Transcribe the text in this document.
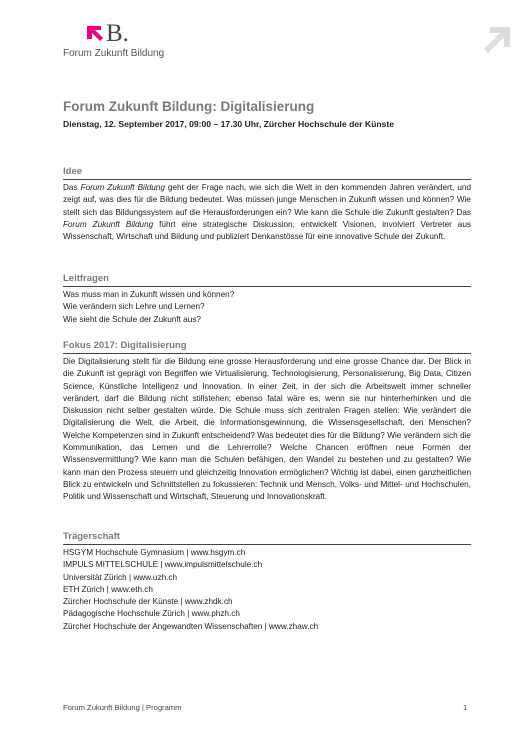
B.
Forum Zukunft Bildung
Forum Zukunft Bildung: Digitalisierung
Dienstag, 12. September 2017, 09:00 – 17.30 Uhr, Zürcher Hochschule der Künste
Idee

Das Forum Zukunft Bildung geht der Frage nach, wie sich die Welt in den kommenden Jahren verändert, und zeigt auf, was dies für die Bildung bedeutet. Was müssen junge Menschen in Zukunft wissen und können? Wie stellt sich das Bildungssystem auf die Herausforderungen ein? Wie kann die Schule die Zukunft gestalten? Das Forum Zukunft Bildung führt eine strategische Diskussion, entwickelt Visionen, involviert Vertreter aus Wissenschaft, Wirtschaft und Bildung und publiziert Denkanstösse für eine innovative Schule der Zukunft.

Leitfragen
Was muss man in Zukunft wissen und können?
Wie verändern sich Lehre und Lernen?
Wie sieht die Schule der Zukunft aus?
Fokus 2017: Digitalisierung

Die Digitalisierung stellt für die Bildung eine grosse Herausforderung und eine grosse Chance dar. Der Blick in die Zukunft ist geprägt von Begriffen wie Virtualisierung, Technologisierung, Personalisierung, Big Data, Citizen Science, Künstliche Intelligenz und Innovation. In einer Zeit, in der sich die Arbeitswelt immer schneller verändert, darf die Bildung nicht stillstehen; ebenso fatal wäre es, wenn sie nur hinterherhinken und die Diskussion nicht selber gestalten würde. Die Schule muss sich zentralen Fragen stellen: Wie verändert die Digitalisierung die Welt, die Arbeit, die Informationsgewinnung, die Wissensgesellschaft, den Menschen? Welche Kompetenzen sind in Zukunft entscheidend? Was bedeutet dies für die Bildung? Wie verändern sich die Kommunikation, das Lernen und die Lehrerrolle? Welche Chancen eröffnen neue Formen der Wissensvermittlung? Wie kann man die Schulen befähigen, den Wandel zu bestehen und zu gestalten? Wie kann man den Prozess steuern und gleichzeitig Innovation ermöglichen? Wichtig ist dabei, einen ganzheitlichen Blick zu entwickeln und Schnittstellen zu fokussieren: Technik und Mensch, Volks- und Mittel- und Hochschulen, Politik und Wissenschaft und Wirtschaft, Steuerung und Innovationskraft.

Trägerschaft
HSGYM Hochschule Gymnasium | www.hsgym.ch
IMPULS MITTELSCHULE | www.impulsmittelschule.ch
Universität Zürich | www.uzh.ch
ETH Zürich | www.eth.ch
Zürcher Hochschule der Künste | www.zhdk.ch
Pädagogische Hochschule Zürich | www.phzh.ch
Zürcher Hochschule der Angewandten Wissenschaften | www.zhaw.ch
Forum Zukunft Bildung | Programm	1
